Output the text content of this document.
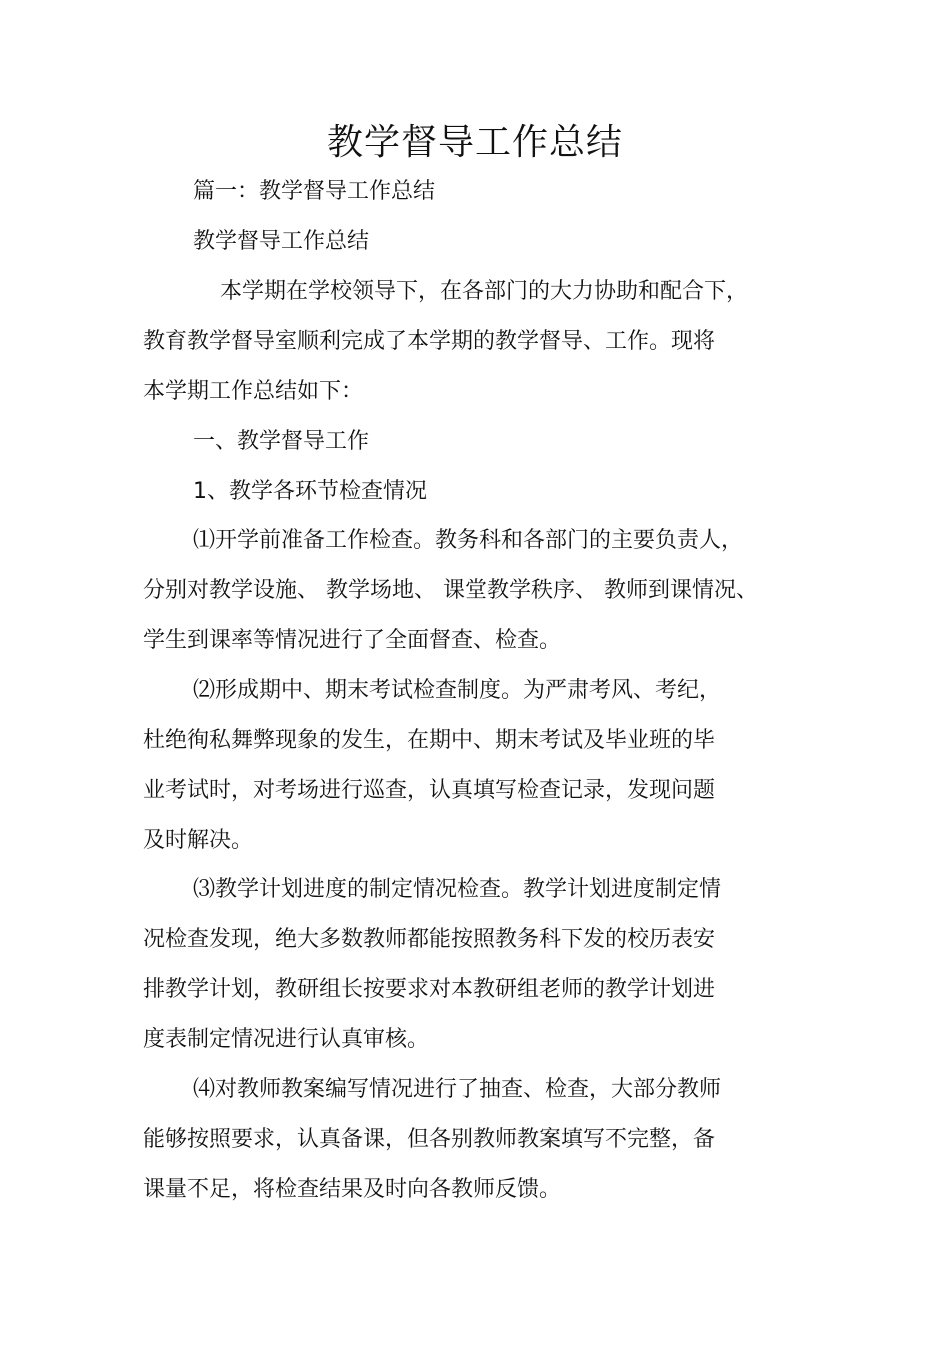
教学督导工作总结
篇一：教学督导工作总结
教学督导工作总结
本学期在学校领导下，在各部门的大力协助和配合下，
教育教学督导室顺利完成了本学期的教学督导、工作。现将
本学期工作总结如下：
一、教学督导工作
1、教学各环节检查情况
⑴开学前准备工作检查。教务科和各部门的主要负责人，
分别对教学设施、 教学场地、 课堂教学秩序、 教师到课情况、
学生到课率等情况进行了全面督查、检查。
⑵形成期中、期末考试检查制度。为严肃考风、考纪，
杜绝徇私舞弊现象的发生，在期中、期末考试及毕业班的毕
业考试时，对考场进行巡查，认真填写检查记录，发现问题
及时解决。
⑶教学计划进度的制定情况检查。教学计划进度制定情
况检查发现，绝大多数教师都能按照教务科下发的校历表安
排教学计划，教研组长按要求对本教研组老师的教学计划进
度表制定情况进行认真审核。
⑷对教师教案编写情况进行了抽查、检查，大部分教师
能够按照要求，认真备课，但各别教师教案填写不完整，备
课量不足，将检查结果及时向各教师反馈。
